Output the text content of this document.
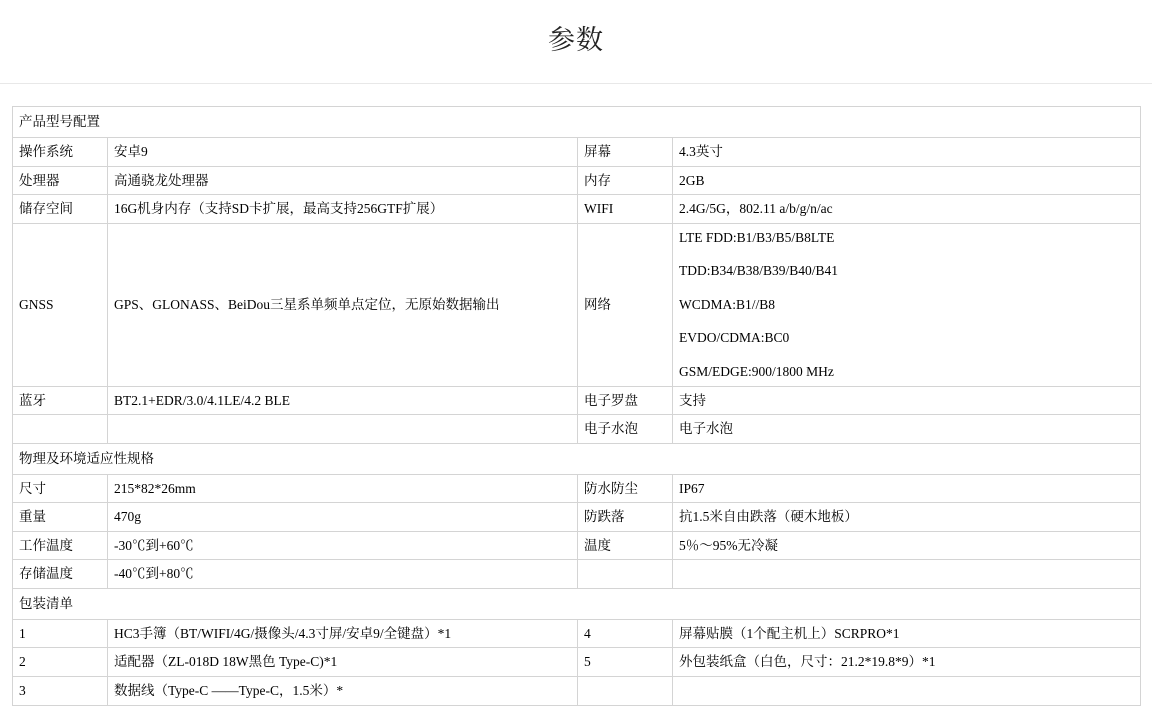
参数
产品型号配置			
操作系统	安卓9	屏幕	4.3英寸
处理器	高通骁龙处理器	内存	2GB
储存空间	16G机身内存（支持SD卡扩展，最高支持256GTF扩展）	WIFI	2.4G/5G，802.11 a/b/g/n/ac
GNSS	GPS、GLONASS、BeiDou三星系单频单点定位，无原始数据输出	网络	LTE FDD:B1/B3/B5/B8LTE

TDD:B34/B38/B39/B40/B41

WCDMA:B1//B8

EVDO/CDMA:BC0

GSM/EDGE:900/1800 MHz

蓝牙	BT2.1+EDR/3.0/4.1LE/4.2 BLE	电子罗盘	支持
		电子水泡	电子水泡
物理及环境适应性规格			
尺寸	215*82*26mm	防水防尘	IP67
重量	470g	防跌落	抗1.5米自由跌落（硬木地板）
工作温度	-30℃到+60℃	温度	5％～95%无冷凝
存储温度	-40℃到+80℃		
包装清单			
1	HC3手簿（BT/WIFI/4G/摄像头/4.3寸屏/安卓9/全键盘）*1	4	屏幕贴膜（1个配主机上）SCRPRO*1
2	适配器（ZL-018D 18W黑色 Type-C)*1	5	外包装纸盒（白色，尺寸：21.2*19.8*9）*1
3	数据线（Type-C ——Type-C，1.5米）*		
